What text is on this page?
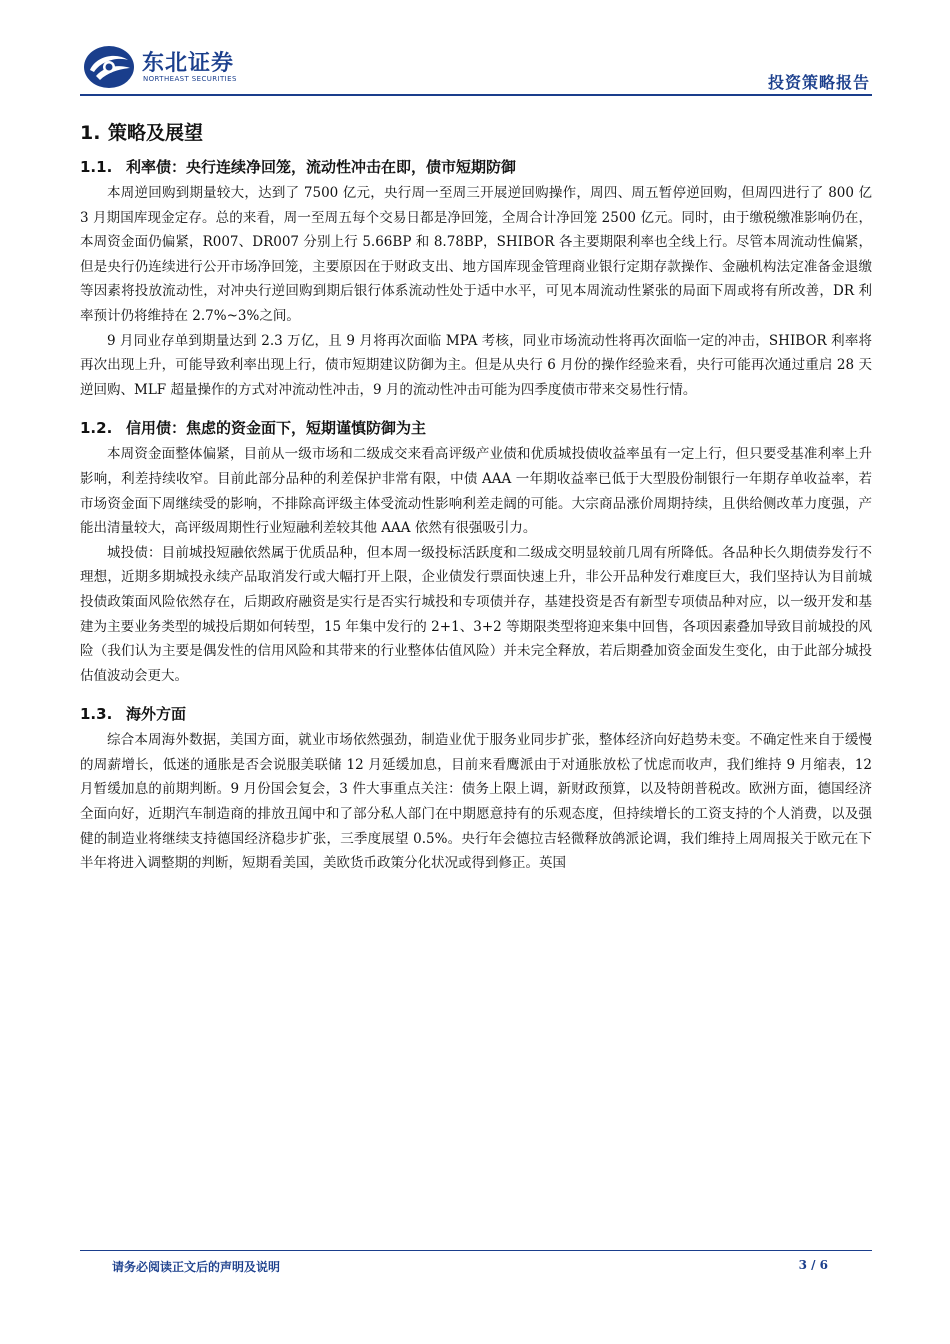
东北证券
NORTHEAST SECURITIES	投资策略报告
1. 策略及展望
1.1. 利率债：央行连续净回笼，流动性冲击在即，债市短期防御

本周逆回购到期量较大，达到了 7500 亿元，央行周一至周三开展逆回购操作，周四、周五暂停逆回购，但周四进行了 800 亿 3 月期国库现金定存。总的来看，周一至周五每个交易日都是净回笼，全周合计净回笼 2500 亿元。同时，由于缴税缴准影响仍在，本周资金面仍偏紧，R007、DR007 分别上行 5.66BP 和 8.78BP，SHIBOR 各主要期限利率也全线上行。尽管本周流动性偏紧，但是央行仍连续进行公开市场净回笼，主要原因在于财政支出、地方国库现金管理商业银行定期存款操作、金融机构法定准备金退缴等因素将投放流动性，对冲央行逆回购到期后银行体系流动性处于适中水平，可见本周流动性紧张的局面下周或将有所改善，DR 利率预计仍将维持在 2.7%~3%之间。

9 月同业存单到期量达到 2.3 万亿，且 9 月将再次面临 MPA 考核，同业市场流动性将再次面临一定的冲击，SHIBOR 利率将再次出现上升，可能导致利率出现上行，债市短期建议防御为主。但是从央行 6 月份的操作经验来看，央行可能再次通过重启 28 天逆回购、MLF 超量操作的方式对冲流动性冲击，9 月的流动性冲击可能为四季度债市带来交易性行情。

1.2. 信用债：焦虑的资金面下，短期谨慎防御为主

本周资金面整体偏紧，目前从一级市场和二级成交来看高评级产业债和优质城投债收益率虽有一定上行，但只要受基准利率上升影响，利差持续收窄。目前此部分品种的利差保护非常有限，中债 AAA 一年期收益率已低于大型股份制银行一年期存单收益率，若市场资金面下周继续受的影响，不排除高评级主体受流动性影响利差走阔的可能。大宗商品涨价周期持续，且供给侧改革力度强，产能出清量较大，高评级周期性行业短融利差较其他 AAA 依然有很强吸引力。

城投债：目前城投短融依然属于优质品种，但本周一级投标活跃度和二级成交明显较前几周有所降低。各品种长久期债券发行不理想，近期多期城投永续产品取消发行或大幅打开上限，企业债发行票面快速上升，非公开品种发行难度巨大，我们坚持认为目前城投债政策面风险依然存在，后期政府融资是实行是否实行城投和专项债并存，基建投资是否有新型专项债品种对应，以一级开发和基建为主要业务类型的城投后期如何转型，15 年集中发行的 2+1、3+2 等期限类型将迎来集中回售，各项因素叠加导致目前城投的风险（我们认为主要是偶发性的信用风险和其带来的行业整体估值风险）并未完全释放，若后期叠加资金面发生变化，由于此部分城投估值波动会更大。

1.3. 海外方面

综合本周海外数据，美国方面，就业市场依然强劲，制造业优于服务业同步扩张，整体经济向好趋势未变。不确定性来自于缓慢的周薪增长，低迷的通胀是否会说服美联储 12 月延缓加息，目前来看鹰派由于对通胀放松了忧虑而收声，我们维持 9 月缩表，12 月暂缓加息的前期判断。9 月份国会复会，3 件大事重点关注：债务上限上调，新财政预算，以及特朗普税改。欧洲方面，德国经济全面向好，近期汽车制造商的排放丑闻中和了部分私人部门在中期愿意持有的乐观态度，但持续增长的工资支持的个人消费，以及强健的制造业将继续支持德国经济稳步扩张，三季度展望 0.5%。央行年会德拉吉轻微释放鸽派论调，我们维持上周周报关于欧元在下半年将进入调整期的判断，短期看美国，美欧货币政策分化状况或得到修正。英国

请务必阅读正文后的声明及说明	3 / 6
